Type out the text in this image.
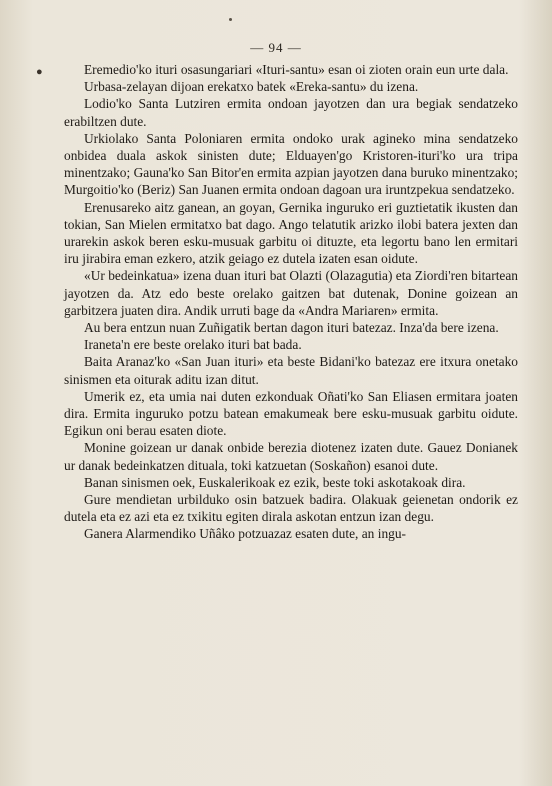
— 94 —
●	Eremedio'ko ituri osasungariari «Ituri-santu» esan oi zioten orain eun urte dala.

Urbasa-zelayan dijoan erekatxo batek «Ereka-santu» du izena.

Lodio'ko Santa Lutziren ermita ondoan jayotzen dan ura begiak sendatzeko erabiltzen dute.

Urkiolako Santa Poloniaren ermita ondoko urak agineko mina sendatzeko onbidea duala askok sinisten dute; Elduayen'go Kristoren-ituri'ko ura tripa minentzako; Gauna'ko San Bitor'en ermita azpian jayotzen dana buruko minentzako; Murgoitio'ko (Beriz) San Juanen ermita ondoan dagoan ura iruntzpekua sendatzeko.

Erenusareko aitz ganean, an goyan, Gernika inguruko eri guztietatik ikusten dan tokian, San Mielen ermitatxo bat dago. Ango telatutik arizko ilobi batera jexten dan urarekin askok beren esku-musuak garbitu oi dituzte, eta legortu bano len ermitari iru jirabira eman ezkero, atzik geiago ez dutela izaten esan oidute.

«Ur bedeinkatua» izena duan ituri bat Olazti (Olazagutia) eta Ziordi'ren bitartean jayotzen da. Atz edo beste orelako gaitzen bat dutenak, Donine goizean an garbitzera juaten dira. Andik urruti bage da «Andra Mariaren» ermita.

Au bera entzun nuan Zuñigatik bertan dagon ituri batezaz. Inza'da bere izena.

Iraneta'n ere beste orelako ituri bat bada.

Baita Aranaz'ko «San Juan ituri» eta beste Bidani'ko batezaz ere itxura onetako sinismen eta oiturak aditu izan ditut.

Umerik ez, eta umia nai duten ezkonduak Oñati'ko San Eliasen ermitara joaten dira. Ermita inguruko potzu batean emakumeak bere esku-musuak garbitu oidute. Egikun oni berau esaten diote.

Monine goizean ur danak onbide berezia diotenez izaten dute. Gauez Donianek ur danak bedeinkatzen dituala, toki katzuetan (Soskañon) esanoi dute.

Banan sinismen oek, Euskalerikoak ez ezik, beste toki askotakoak dira.

Gure mendietan urbilduko osin batzuek badira. Olakuak geienetan ondorik ez dutela eta ez azi eta ez txikitu egiten dirala askotan entzun izan degu.

Ganera Alarmendiko Uñâko potzuazaz esaten dute, an ingu-
